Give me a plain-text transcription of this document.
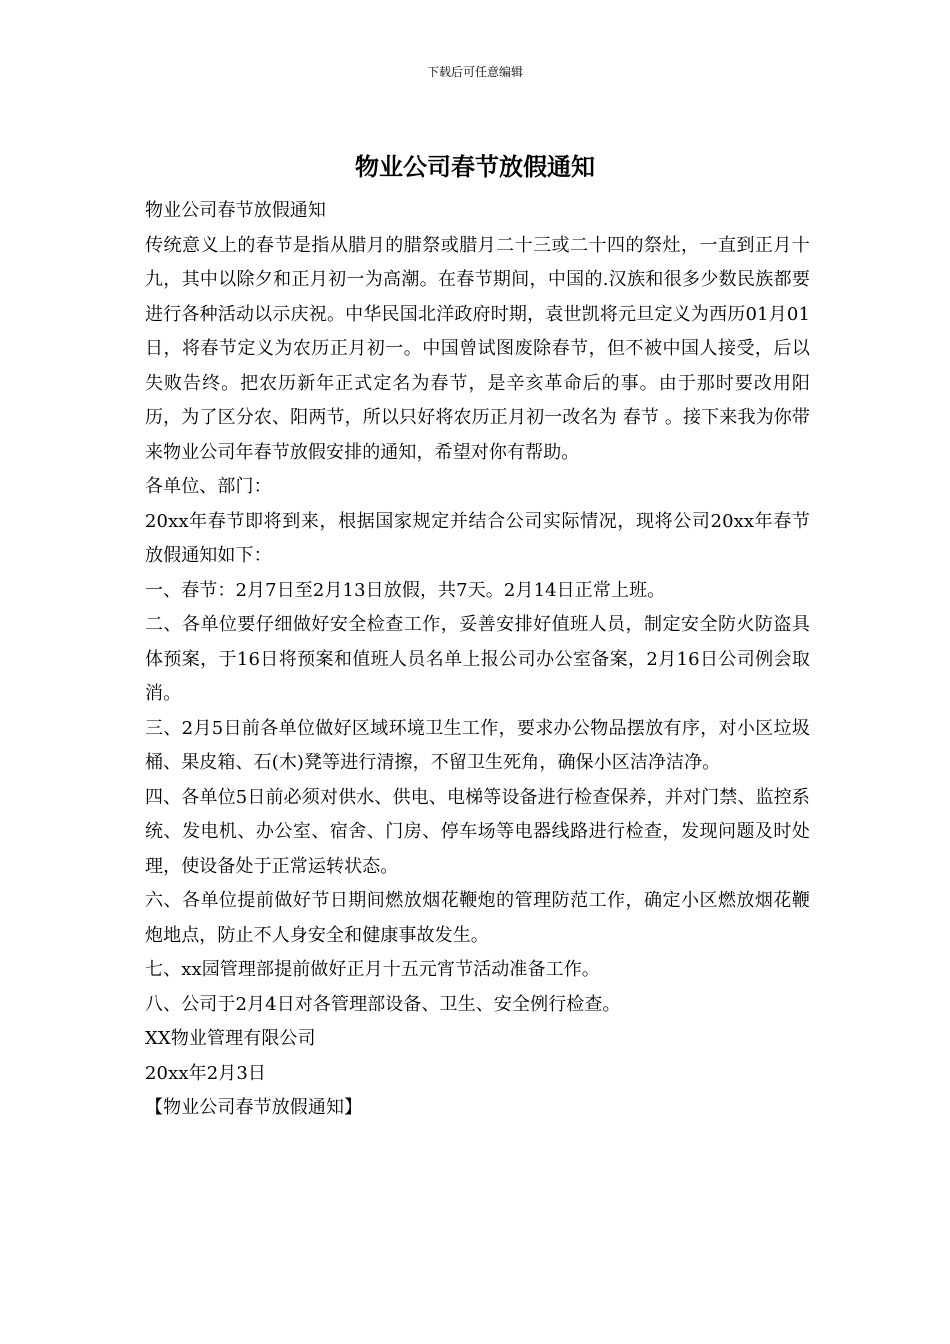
下载后可任意编辑
物业公司春节放假通知

物业公司春节放假通知

传统意义上的春节是指从腊月的腊祭或腊月二十三或二十四的祭灶，一直到正月十九，其中以除夕和正月初一为高潮。在春节期间，中国的.汉族和很多少数民族都要进行各种活动以示庆祝。中华民国北洋政府时期，袁世凯将元旦定义为西历01月01日，将春节定义为农历正月初一。中国曾试图废除春节，但不被中国人接受，后以失败告终。把农历新年正式定名为春节，是辛亥革命后的事。由于那时要改用阳历，为了区分农、阳两节，所以只好将农历正月初一改名为 春节 。接下来我为你带来物业公司年春节放假安排的通知，希望对你有帮助。

各单位、部门：

20xx年春节即将到来，根据国家规定并结合公司实际情况，现将公司20xx年春节放假通知如下：

一、春节：2月7日至2月13日放假，共7天。2月14日正常上班。

二、各单位要仔细做好安全检查工作，妥善安排好值班人员，制定安全防火防盗具体预案，于16日将预案和值班人员名单上报公司办公室备案，2月16日公司例会取消。

三、2月5日前各单位做好区域环境卫生工作，要求办公物品摆放有序，对小区垃圾桶、果皮箱、石(木)凳等进行清擦，不留卫生死角，确保小区洁净洁净。

四、各单位5日前必须对供水、供电、电梯等设备进行检查保养，并对门禁、监控系统、发电机、办公室、宿舍、门房、停车场等电器线路进行检查，发现问题及时处理，使设备处于正常运转状态。

六、各单位提前做好节日期间燃放烟花鞭炮的管理防范工作，确定小区燃放烟花鞭炮地点，防止不人身安全和健康事故发生。

七、xx园管理部提前做好正月十五元宵节活动准备工作。

八、公司于2月4日对各管理部设备、卫生、安全例行检查。

XX物业管理有限公司

20xx年2月3日

【物业公司春节放假通知】
